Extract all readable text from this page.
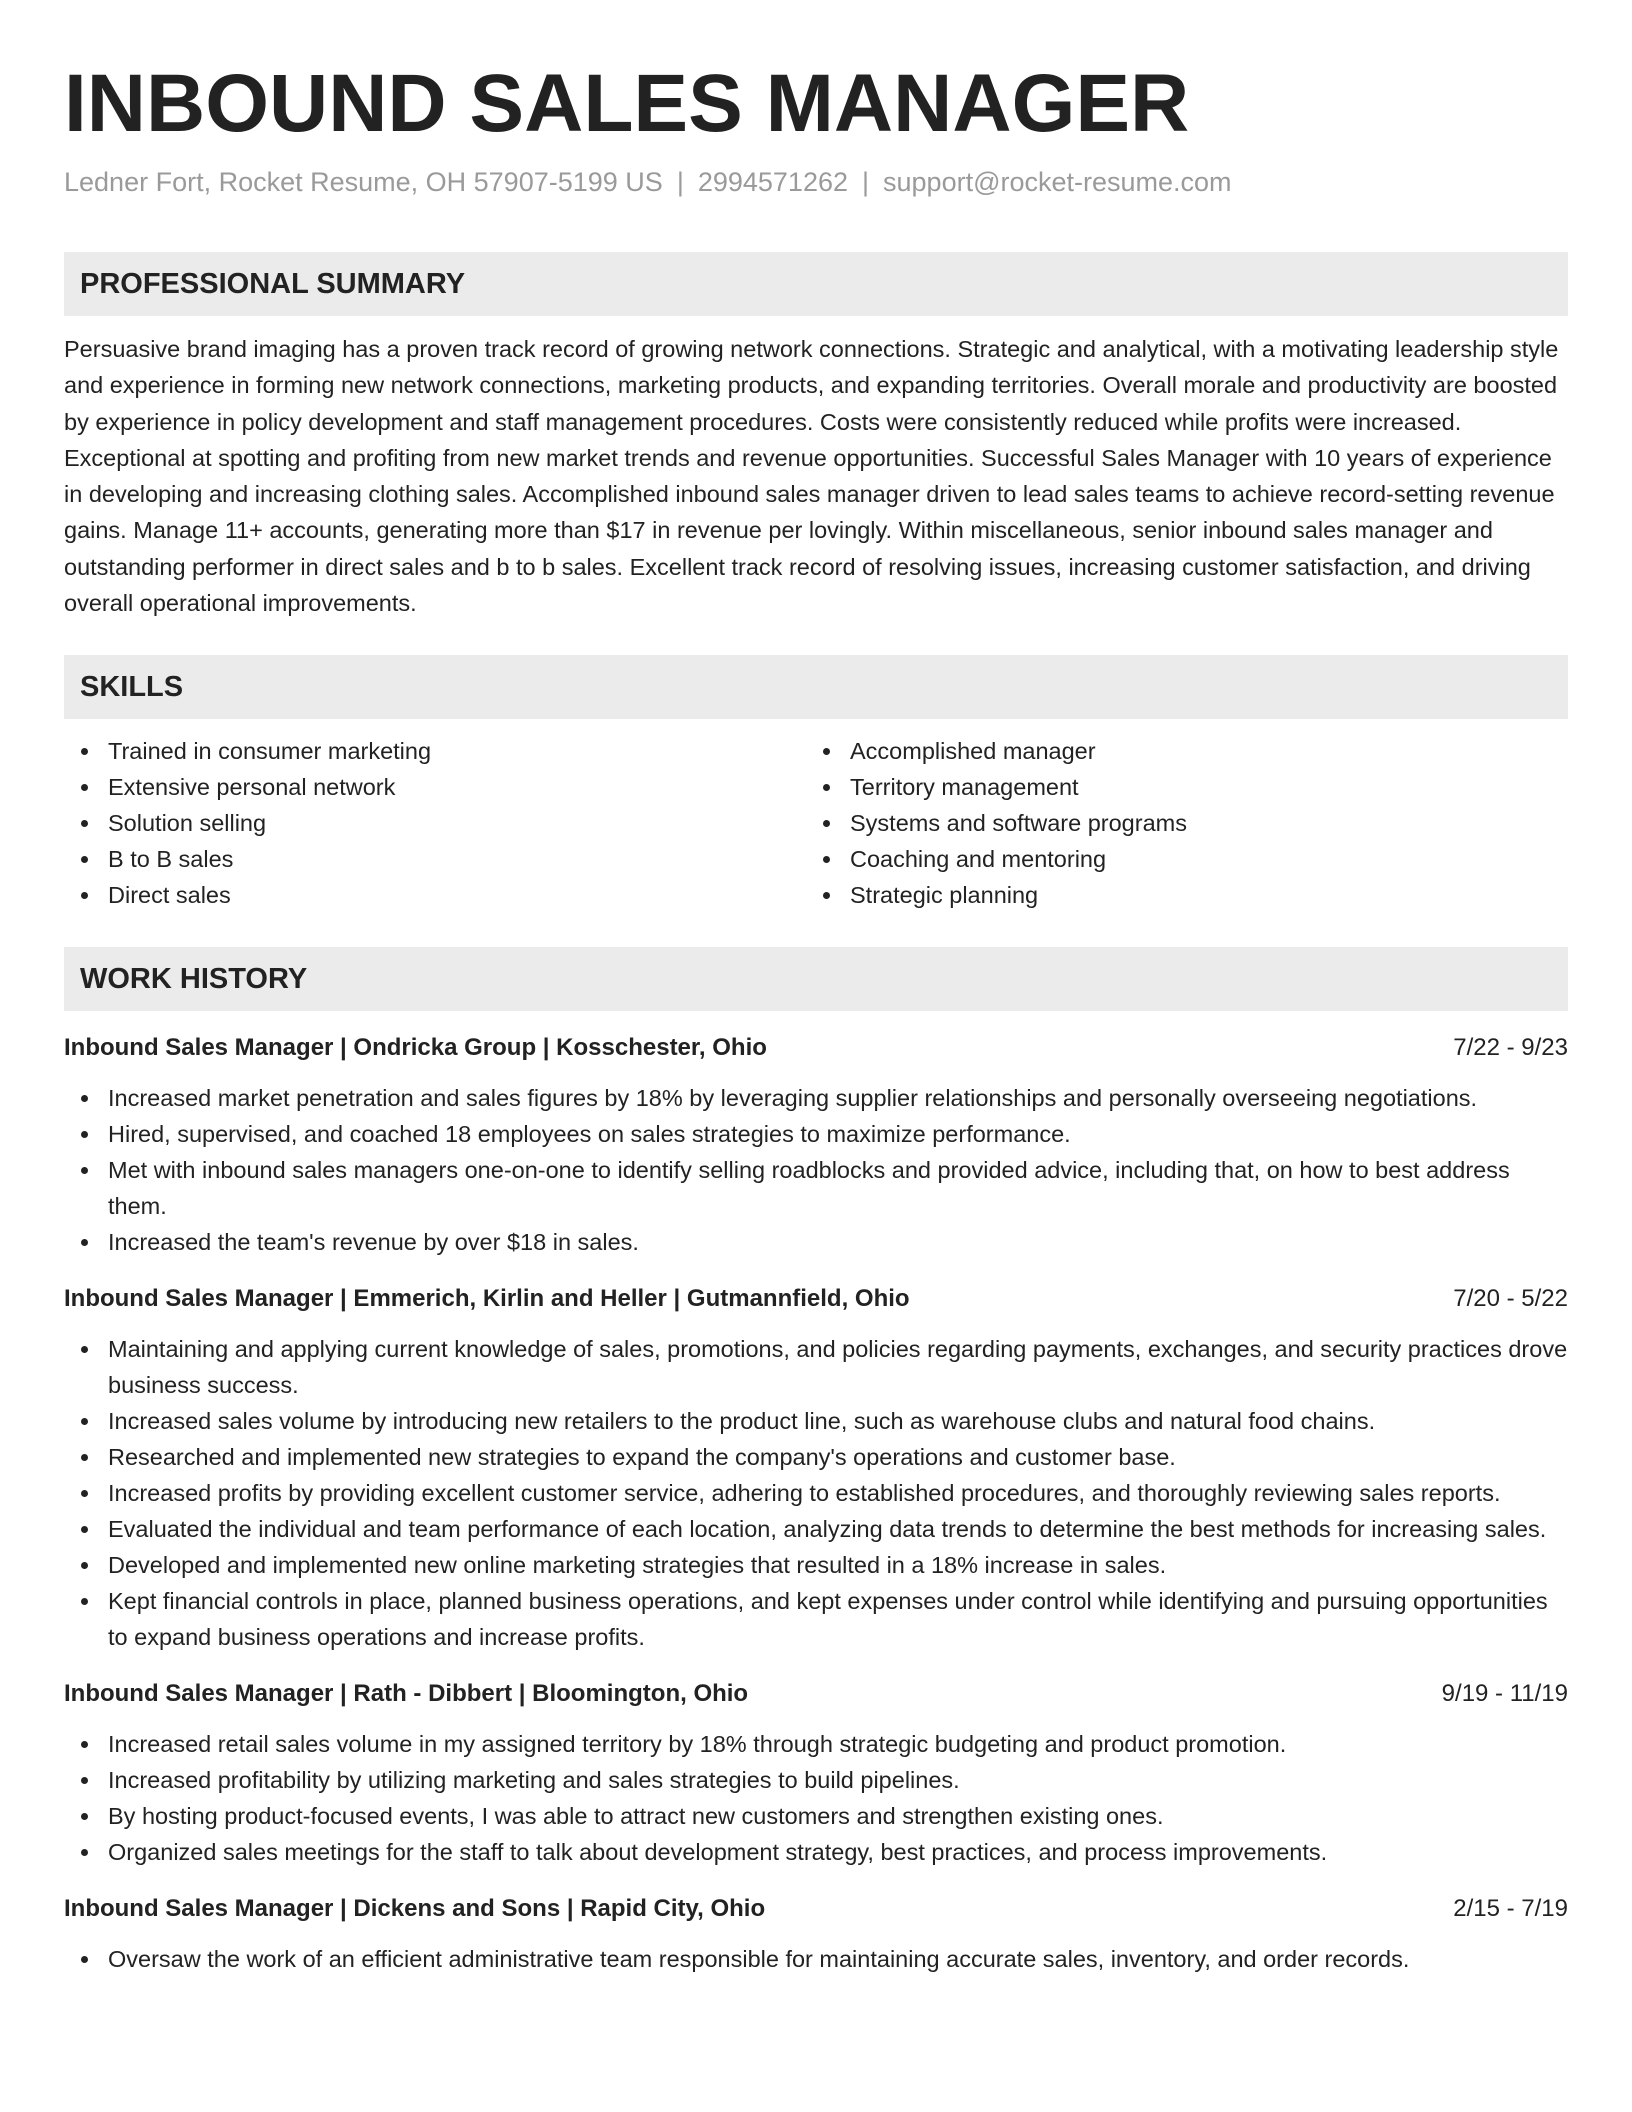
INBOUND SALES MANAGER
Ledner Fort, Rocket Resume, OH 57907-5199 US | 2994571262 | support@rocket-resume.com
PROFESSIONAL SUMMARY

Persuasive brand imaging has a proven track record of growing network connections. Strategic and analytical, with a motivating leadership style and experience in forming new network connections, marketing products, and expanding territories. Overall morale and productivity are boosted by experience in policy development and staff management procedures. Costs were consistently reduced while profits were increased. Exceptional at spotting and profiting from new market trends and revenue opportunities. Successful Sales Manager with 10 years of experience in developing and increasing clothing sales. Accomplished inbound sales manager driven to lead sales teams to achieve record-setting revenue gains. Manage 11+ accounts, generating more than $17 in revenue per lovingly. Within miscellaneous, senior inbound sales manager and outstanding performer in direct sales and b to b sales. Excellent track record of resolving issues, increasing customer satisfaction, and driving overall operational improvements.

SKILLS
Trained in consumer marketing
Extensive personal network
Solution selling
B to B sales
Direct sales
Accomplished manager
Territory management
Systems and software programs
Coaching and mentoring
Strategic planning
WORK HISTORY
Inbound Sales Manager | Ondricka Group | Kosschester, Ohio	7/22 - 9/23
Increased market penetration and sales figures by 18% by leveraging supplier relationships and personally overseeing negotiations.
Hired, supervised, and coached 18 employees on sales strategies to maximize performance.
Met with inbound sales managers one-on-one to identify selling roadblocks and provided advice, including that, on how to best address them.
Increased the team's revenue by over $18 in sales.
Inbound Sales Manager | Emmerich, Kirlin and Heller | Gutmannfield, Ohio	7/20 - 5/22
Maintaining and applying current knowledge of sales, promotions, and policies regarding payments, exchanges, and security practices drove business success.
Increased sales volume by introducing new retailers to the product line, such as warehouse clubs and natural food chains.
Researched and implemented new strategies to expand the company's operations and customer base.
Increased profits by providing excellent customer service, adhering to established procedures, and thoroughly reviewing sales reports.
Evaluated the individual and team performance of each location, analyzing data trends to determine the best methods for increasing sales.
Developed and implemented new online marketing strategies that resulted in a 18% increase in sales.
Kept financial controls in place, planned business operations, and kept expenses under control while identifying and pursuing opportunities to expand business operations and increase profits.
Inbound Sales Manager | Rath - Dibbert | Bloomington, Ohio	9/19 - 11/19
Increased retail sales volume in my assigned territory by 18% through strategic budgeting and product promotion.
Increased profitability by utilizing marketing and sales strategies to build pipelines.
By hosting product-focused events, I was able to attract new customers and strengthen existing ones.
Organized sales meetings for the staff to talk about development strategy, best practices, and process improvements.
Inbound Sales Manager | Dickens and Sons | Rapid City, Ohio	2/15 - 7/19
Oversaw the work of an efficient administrative team responsible for maintaining accurate sales, inventory, and order records.
